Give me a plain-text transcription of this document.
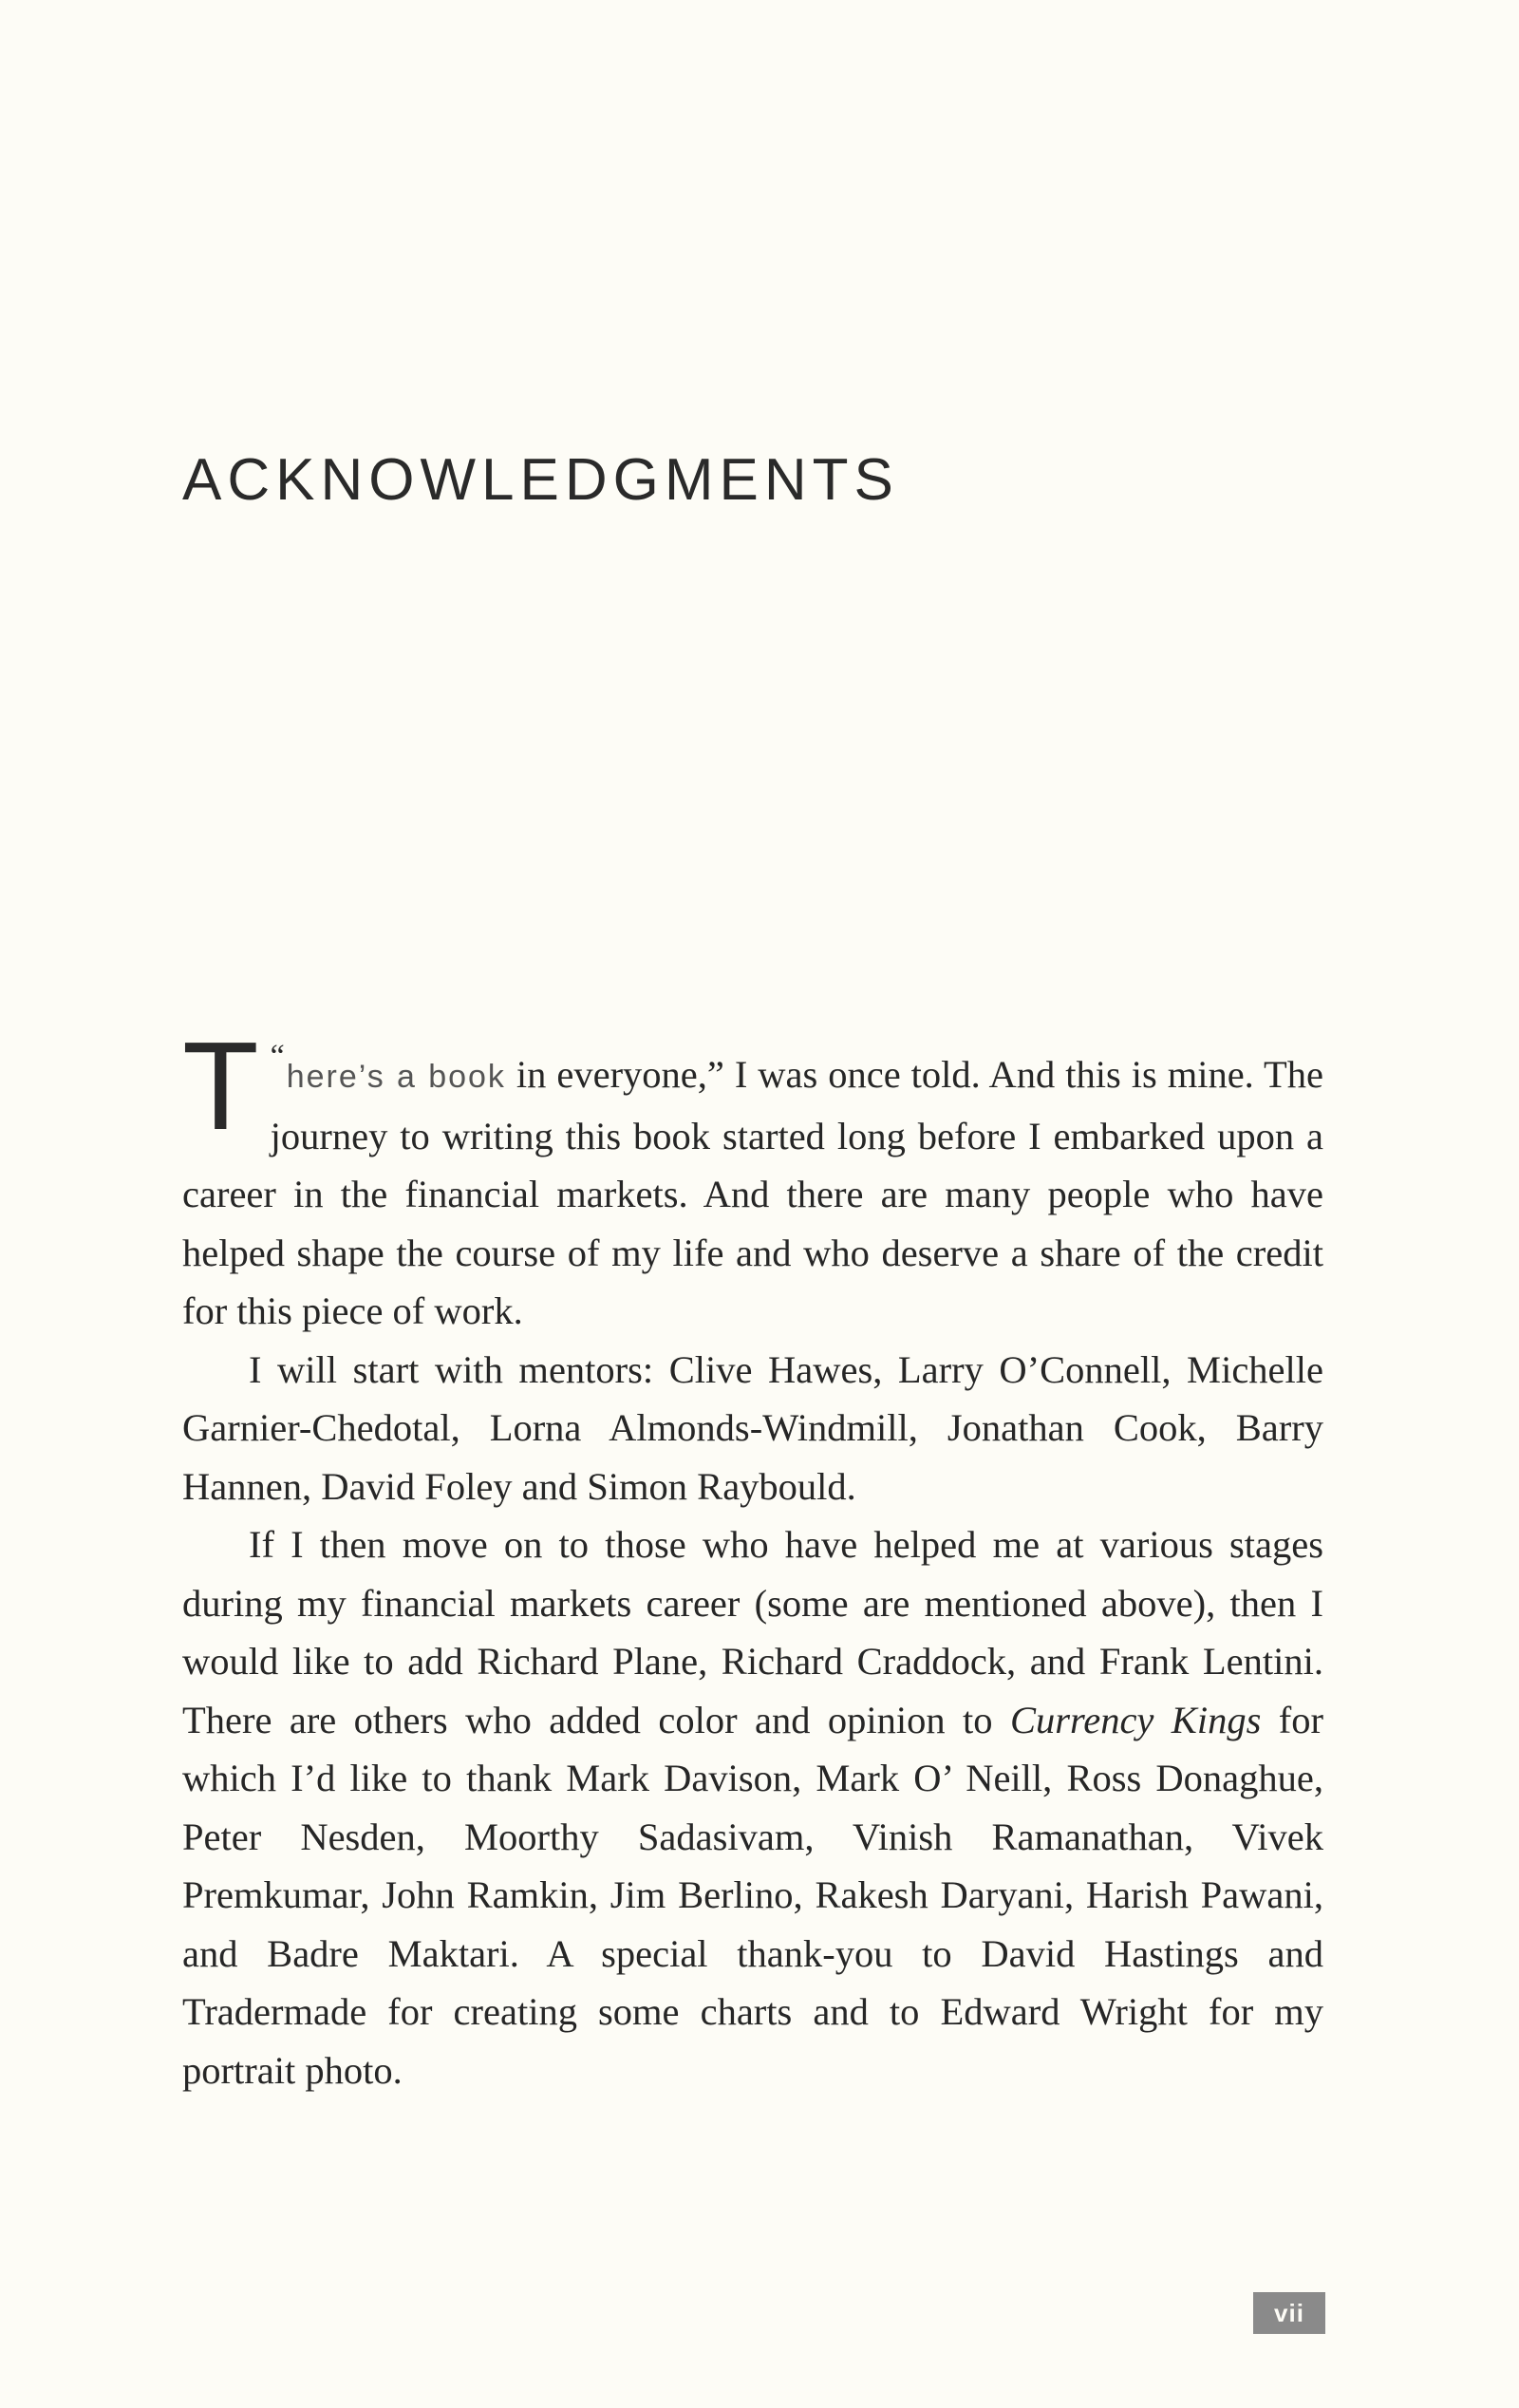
ACKNOWLEDGMENTS

“
T here’s a book in everyone,” I was once told. And this is mine. The journey to writing this book started long before I embarked upon a career in the financial markets. And there are many people who have helped shape the course of my life and who deserve a share of the credit for this piece of work.

I will start with mentors: Clive Hawes, Larry O’Connell, Michelle Garnier-Chedotal, Lorna Almonds-Windmill, Jonathan Cook, Barry Hannen, David Foley and Simon Raybould.

If I then move on to those who have helped me at various stages during my financial markets career (some are mentioned above), then I would like to add Richard Plane, Richard Craddock, and Frank Lentini. There are others who added color and opinion to Currency Kings for which I’d like to thank Mark Davison, Mark O’ Neill, Ross Donaghue, Peter Nesden, Moorthy Sadasivam, Vinish Ramanathan, Vivek Premkumar, John Ramkin, Jim Berlino, Rakesh Daryani, Harish Pawani, and Badre Maktari. A special thank-you to David Hastings and Tradermade for creating some charts and to Edward Wright for my portrait photo.

vii
